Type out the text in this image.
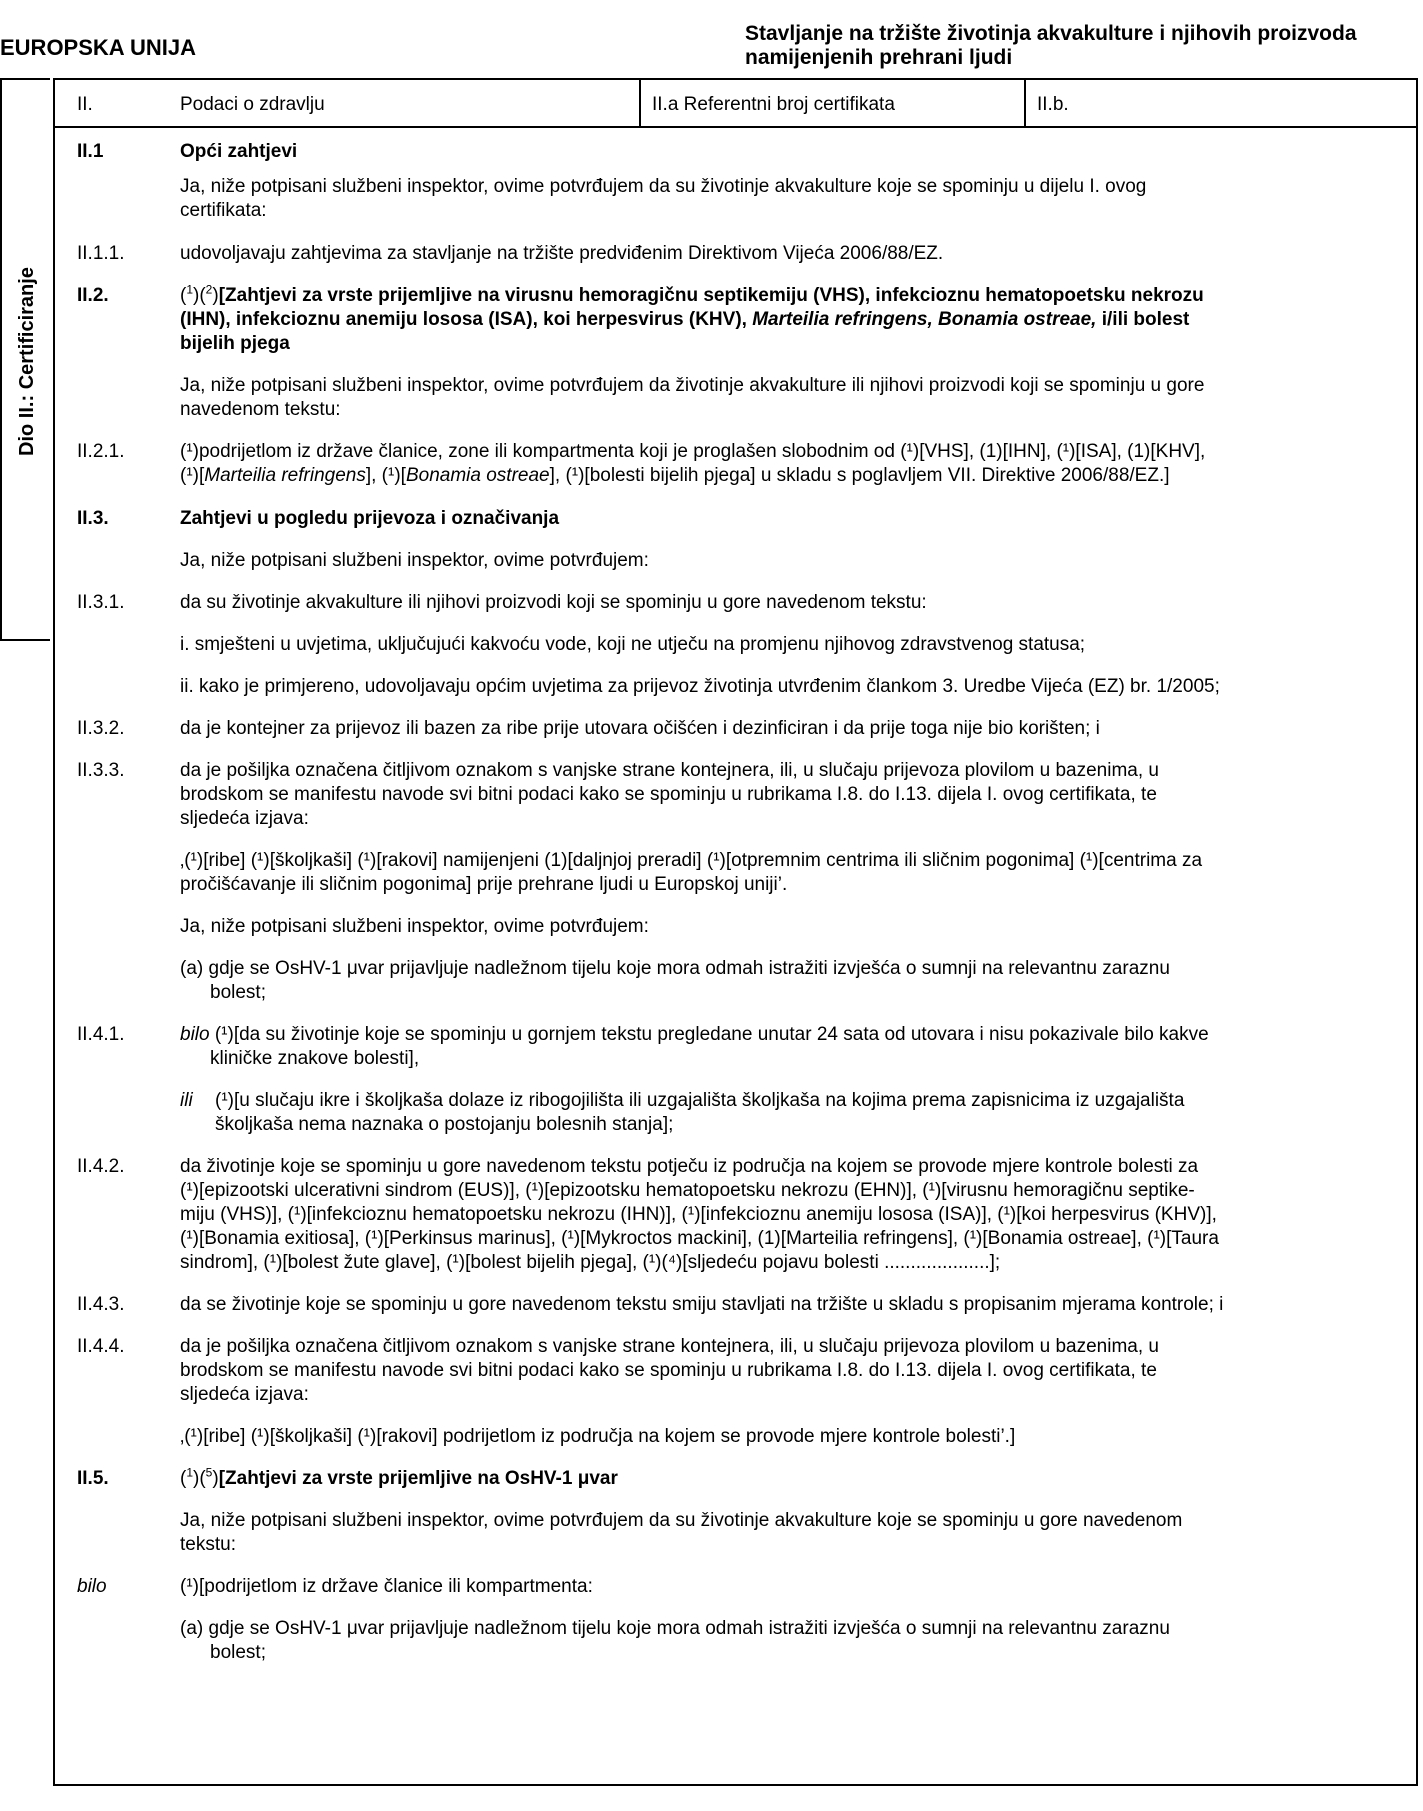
EUROPSKA UNIJA
Stavljanje na tržište životinja akvakulture i njihovih proizvoda
namijenjenih prehrani ljudi
Dio II.: Certificiranje
II.	Podaci o zdravlju	II.a Referentni broj certifikata	II.b.
II.1	Opći zahtjevi
Ja, niže potpisani službeni inspektor, ovime potvrđujem da su životinje akvakulture koje se spominju u dijelu I. ovog
certifikata:
II.1.1.	udovoljavaju zahtjevima za stavljanje na tržište predviđenim Direktivom Vijeća 2006/88/EZ.
II.2.	($^1$)($^2$)[Zahtjevi za vrste prijemljive na virusnu hemoragičnu septikemiju (VHS), infekcioznu hematopoetsku nekrozu
(IHN), infekcioznu anemiju lososa (ISA), koi herpesvirus (KHV), Marteilia refringens, Bonamia ostreae, i/ili bolest
bijelih pjega
Ja, niže potpisani službeni inspektor, ovime potvrđujem da životinje akvakulture ili njihovi proizvodi koji se spominju u gore
navedenom tekstu:
II.2.1.	(¹)podrijetlom iz države članice, zone ili kompartmenta koji je proglašen slobodnim od (¹)[VHS], (1)[IHN], (¹)[ISA], (1)[KHV],
(¹)[Marteilia refringens], (¹)[Bonamia ostreae], (¹)[bolesti bijelih pjega] u skladu s poglavljem VII. Direktive 2006/88/EZ.]
II.3.	Zahtjevi u pogledu prijevoza i označivanja
Ja, niže potpisani službeni inspektor, ovime potvrđujem:
II.3.1.	da su životinje akvakulture ili njihovi proizvodi koji se spominju u gore navedenom tekstu:
i. smješteni u uvjetima, uključujući kakvoću vode, koji ne utječu na promjenu njihovog zdravstvenog statusa;
ii. kako je primjereno, udovoljavaju općim uvjetima za prijevoz životinja utvrđenim člankom 3. Uredbe Vijeća (EZ) br. 1/2005;
II.3.2.	da je kontejner za prijevoz ili bazen za ribe prije utovara očišćen i dezinficiran i da prije toga nije bio korišten; i
II.3.3.	da je pošiljka označena čitljivom oznakom s vanjske strane kontejnera, ili, u slučaju prijevoza plovilom u bazenima, u
brodskom se manifestu navode svi bitni podaci kako se spominju u rubrikama I.8. do I.13. dijela I. ovog certifikata, te
sljedeća izjava:
‚(¹)[ribe] (¹)[školjkaši] (¹)[rakovi] namijenjeni (1)[daljnjoj preradi] (¹)[otpremnim centrima ili sličnim pogonima] (¹)[centrima za
pročišćavanje ili sličnim pogonima] prije prehrane ljudi u Europskoj uniji’.
Ja, niže potpisani službeni inspektor, ovime potvrđujem:
(a) gdje se OsHV-1 μvar prijavljuje nadležnom tijelu koje mora odmah istražiti izvješća o sumnji na relevantnu zaraznu
bolest;
II.4.1.	bilo (¹)[da su životinje koje se spominju u gornjem tekstu pregledane unutar 24 sata od utovara i nisu pokazivale bilo kakve
kliničke znakove bolesti],
ili (¹)[u slučaju ikre i školjkaša dolaze iz ribogojilišta ili uzgajališta školjkaša na kojima prema zapisnicima iz uzgajališta
školjkaša nema naznaka o postojanju bolesnih stanja];
II.4.2.	da životinje koje se spominju u gore navedenom tekstu potječu iz područja na kojem se provode mjere kontrole bolesti za
(¹)[epizootski ulcerativni sindrom (EUS)], (¹)[epizootsku hematopoetsku nekrozu (EHN)], (¹)[virusnu hemoragičnu septike-
miju (VHS)], (¹)[infekcioznu hematopoetsku nekrozu (IHN)], (¹)[infekcioznu anemiju lososa (ISA)], (¹)[koi herpesvirus (KHV)],
(¹)[Bonamia exitiosa], (¹)[Perkinsus marinus], (¹)[Mykroctos mackini], (1)[Marteilia refringens], (¹)[Bonamia ostreae], (¹)[Taura
sindrom], (¹)[bolest žute glave], (¹)[bolest bijelih pjega], (¹)(⁴)[sljedeću pojavu bolesti ....................];
II.4.3.	da se životinje koje se spominju u gore navedenom tekstu smiju stavljati na tržište u skladu s propisanim mjerama kontrole; i
II.4.4.	da je pošiljka označena čitljivom oznakom s vanjske strane kontejnera, ili, u slučaju prijevoza plovilom u bazenima, u
brodskom se manifestu navode svi bitni podaci kako se spominju u rubrikama I.8. do I.13. dijela I. ovog certifikata, te
sljedeća izjava:
‚(¹)[ribe] (¹)[školjkaši] (¹)[rakovi] podrijetlom iz područja na kojem se provode mjere kontrole bolesti’.]
II.5.	($^1$)($^5$)[Zahtjevi za vrste prijemljive na OsHV-1 μvar
Ja, niže potpisani službeni inspektor, ovime potvrđujem da su životinje akvakulture koje se spominju u gore navedenom
tekstu:
bilo	(¹)[podrijetlom iz države članice ili kompartmenta:
(a) gdje se OsHV-1 μvar prijavljuje nadležnom tijelu koje mora odmah istražiti izvješća o sumnji na relevantnu zaraznu
bolest;
